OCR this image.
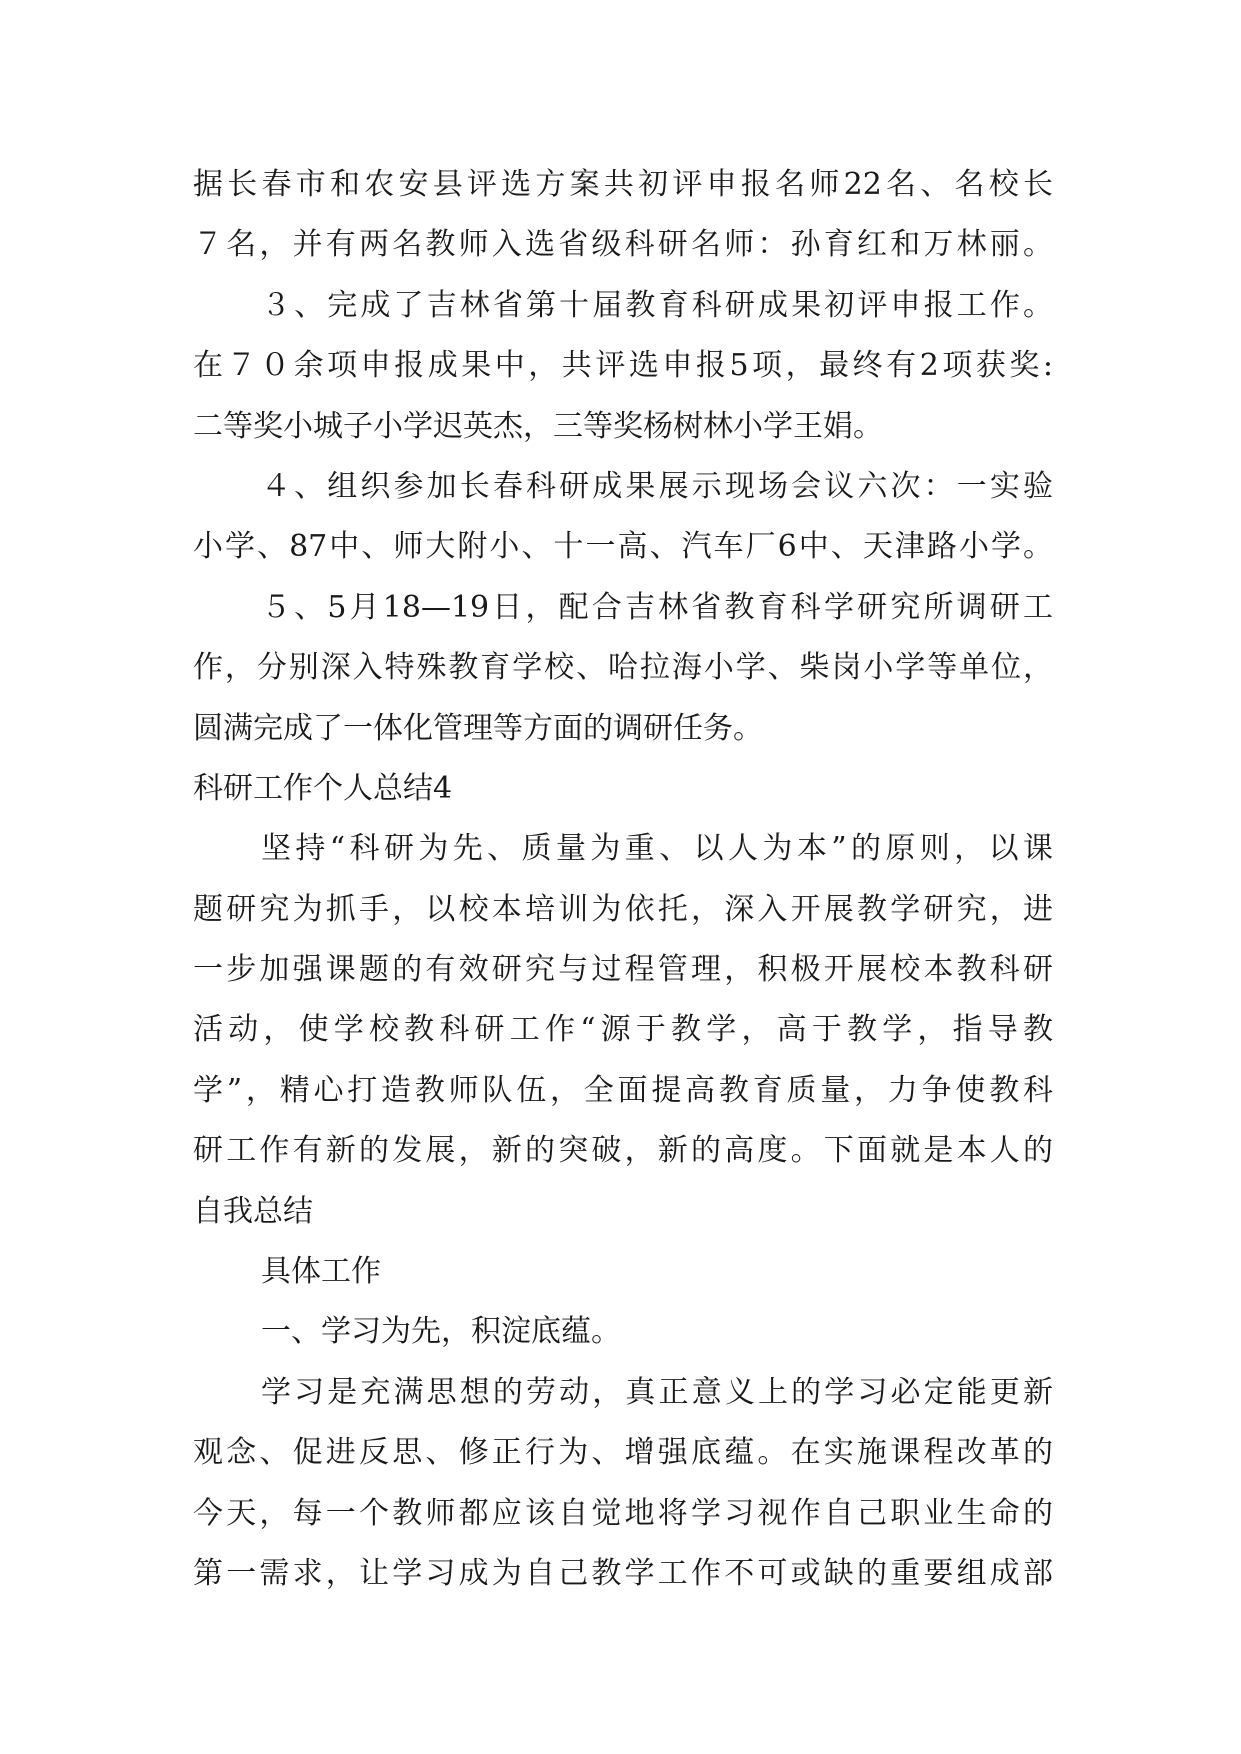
据长春市和农安县评选方案共初评申报名师22名、名校长
７名，并有两名教师入选省级科研名师：孙育红和万林丽。
３、完成了吉林省第十届教育科研成果初评申报工作。
在７０余项申报成果中，共评选申报5项，最终有2项获奖:
二等奖小城子小学迟英杰，三等奖杨树林小学王娟。
４、组织参加长春科研成果展示现场会议六次：一实验
小学、87中、师大附小、十一高、汽车厂6中、天津路小学。
５、5月18—19日，配合吉林省教育科学研究所调研工
作，分别深入特殊教育学校、哈拉海小学、柴岗小学等单位，
圆满完成了一体化管理等方面的调研任务。
科研工作个人总结4
坚持“科研为先、质量为重、以人为本”的原则，以课
题研究为抓手，以校本培训为依托，深入开展教学研究，进
一步加强课题的有效研究与过程管理，积极开展校本教科研
活动，使学校教科研工作“源于教学，高于教学，指导教
学”，精心打造教师队伍，全面提高教育质量，力争使教科
研工作有新的发展，新的突破，新的高度。下面就是本人的
自我总结
具体工作
一、学习为先，积淀底蕴。
学习是充满思想的劳动，真正意义上的学习必定能更新
观念、促进反思、修正行为、增强底蕴。在实施课程改革的
今天，每一个教师都应该自觉地将学习视作自己职业生命的
第一需求，让学习成为自己教学工作不可或缺的重要组成部
